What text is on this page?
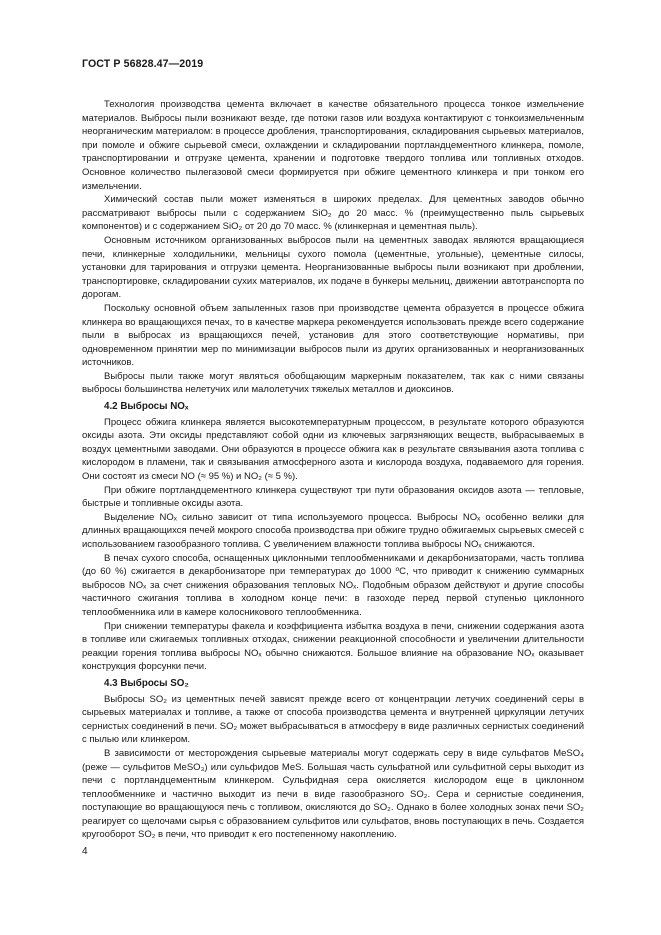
ГОСТ Р 56828.47—2019

Технология производства цемента включает в качестве обязательного процесса тонкое измельчение материалов. Выбросы пыли возникают везде, где потоки газов или воздуха контактируют с тонкоизмельченным неорганическим материалом: в процессе дробления, транспортирования, складирования сырьевых материалов, при помоле и обжиге сырьевой смеси, охлаждении и складировании портландцементного клинкера, помоле, транспортировании и отгрузке цемента, хранении и подготовке твердого топлива или топливных отходов. Основное количество пылегазовой смеси формируется при обжиге цементного клинкера и при тонком его измельчении.

Химический состав пыли может изменяться в широких пределах. Для цементных заводов обычно рассматривают выбросы пыли с содержанием SiO₂ до 20 масс. % (преимущественно пыль сырьевых компонентов) и с содержанием SiO₂ от 20 до 70 масс. % (клинкерная и цементная пыль).

Основным источником организованных выбросов пыли на цементных заводах являются вращающиеся печи, клинкерные холодильники, мельницы сухого помола (цементные, угольные), цементные силосы, установки для тарирования и отгрузки цемента. Неорганизованные выбросы пыли возникают при дроблении, транспортировке, складировании сухих материалов, их подаче в бункеры мельниц, движении автотранспорта по дорогам.

Поскольку основной объем запыленных газов при производстве цемента образуется в процессе обжига клинкера во вращающихся печах, то в качестве маркера рекомендуется использовать прежде всего содержание пыли в выбросах из вращающихся печей, установив для этого соответствующие нормативы, при одновременном принятии мер по минимизации выбросов пыли из других организованных и неорганизованных источников.

Выбросы пыли также могут являться обобщающим маркерным показателем, так как с ними связаны выбросы большинства нелетучих или малолетучих тяжелых металлов и диоксинов.

4.2 Выбросы NOₓ

Процесс обжига клинкера является высокотемпературным процессом, в результате которого образуются оксиды азота. Эти оксиды представляют собой одни из ключевых загрязняющих веществ, выбрасываемых в воздух цементными заводами. Они образуются в процессе обжига как в результате связывания азота топлива с кислородом в пламени, так и связывания атмосферного азота и кислорода воздуха, подаваемого для горения. Они состоят из смеси NO (≈ 95 %) и NO₂ (≈ 5 %).

При обжиге портландцементного клинкера существуют три пути образования оксидов азота — тепловые, быстрые и топливные оксиды азота.

Выделение NOₓ сильно зависит от типа используемого процесса. Выбросы NOₓ особенно велики для длинных вращающихся печей мокрого способа производства при обжиге трудно обжигаемых сырьевых смесей с использованием газообразного топлива. С увеличением влажности топлива выбросы NOₓ снижаются.

В печах сухого способа, оснащенных циклонными теплообменниками и декарбонизаторами, часть топлива (до 60 %) сжигается в декарбонизаторе при температурах до 1000 ºС, что приводит к снижению суммарных выбросов NOₓ за счет снижения образования тепловых NOₓ. Подобным образом действуют и другие способы частичного сжигания топлива в холодном конце печи: в газоходе перед первой ступенью циклонного теплообменника или в камере колосникового теплообменника.

При снижении температуры факела и коэффициента избытка воздуха в печи, снижении содержания азота в топливе или сжигаемых топливных отходах, снижении реакционной способности и увеличении длительности реакции горения топлива выбросы NOₓ обычно снижаются. Большое влияние на образование NOₓ оказывает конструкция форсунки печи.

4.3 Выбросы SO₂

Выбросы SO₂ из цементных печей зависят прежде всего от концентрации летучих соединений серы в сырьевых материалах и топливе, а также от способа производства цемента и внутренней циркуляции летучих сернистых соединений в печи. SO₂ может выбрасываться в атмосферу в виде различных сернистых соединений с пылью или клинкером.

В зависимости от месторождения сырьевые материалы могут содержать серу в виде сульфатов MeSO₄ (реже — сульфитов MeSO₃) или сульфидов MeS. Большая часть сульфатной или сульфитной серы выходит из печи с портландцементным клинкером. Сульфидная сера окисляется кислородом еще в циклонном теплообменнике и частично выходит из печи в виде газообразного SO₂. Сера и сернистые соединения, поступающие во вращающуюся печь с топливом, окисляются до SO₂. Однако в более холодных зонах печи SO₂ реагирует со щелочами сырья с образованием сульфитов или сульфатов, вновь поступающих в печь. Создается кругооборот SO₂ в печи, что приводит к его постепенному накоплению.

4
